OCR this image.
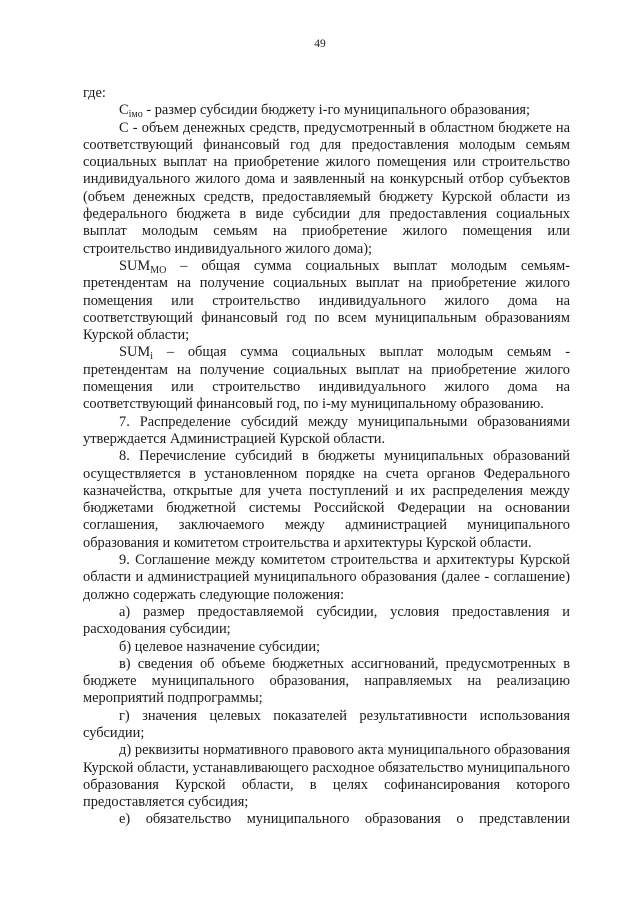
49

где:

$C_{iмо}$ - размер субсидии бюджету i-го муниципального образования;

С - объем денежных средств, предусмотренный в областном бюджете на соответствующий финансовый год для предоставления молодым семьям социальных выплат на приобретение жилого помещения или строительство индивидуального жилого дома и заявленный на конкурсный отбор субъектов (объем денежных средств, предоставляемый бюджету Курской области из федерального бюджета в виде субсидии для предоставления социальных выплат молодым семьям на приобретение жилого помещения или строительство индивидуального жилого дома);

$SUM_{MO}$ – общая сумма социальных выплат молодым семьям-претендентам на получение социальных выплат на приобретение жилого помещения или строительство индивидуального жилого дома на соответствующий финансовый год по всем муниципальным образованиям Курской области;

$SUM_i$ – общая сумма социальных выплат молодым семьям - претендентам на получение социальных выплат на приобретение жилого помещения или строительство индивидуального жилого дома на соответствующий финансовый год, по i-му муниципальному образованию.

7. Распределение субсидий между муниципальными образованиями утверждается Администрацией Курской области.

8. Перечисление субсидий в бюджеты муниципальных образований осуществляется в установленном порядке на счета органов Федерального казначейства, открытые для учета поступлений и их распределения между бюджетами бюджетной системы Российской Федерации на основании соглашения, заключаемого между администрацией муниципального образования и комитетом строительства и архитектуры Курской области.

9. Соглашение между комитетом строительства и архитектуры Курской области и администрацией муниципального образования (далее - соглашение) должно содержать следующие положения:

а) размер предоставляемой субсидии, условия предоставления и расходования субсидии;

б) целевое назначение субсидии;

в) сведения об объеме бюджетных ассигнований, предусмотренных в бюджете муниципального образования, направляемых на реализацию мероприятий подпрограммы;

г) значения целевых показателей результативности использования субсидии;

д) реквизиты нормативного правового акта муниципального образования Курской области, устанавливающего расходное обязательство муниципального образования Курской области, в целях софинансирования которого предоставляется субсидия;

е) обязательство муниципального образования о представлении
